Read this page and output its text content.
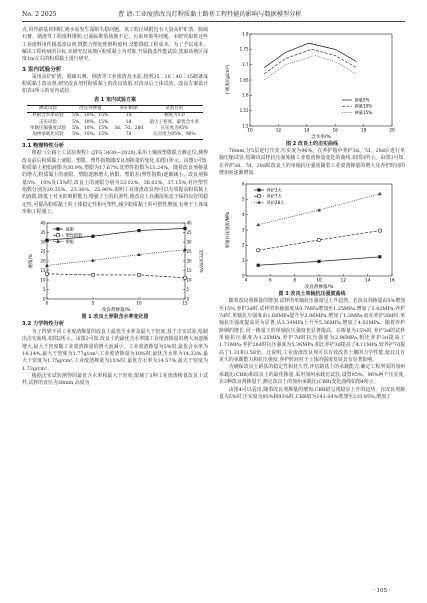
No. 2 2025	曹 请:工业废渣改良灯粉质黏土路基工程性能的影响与数据模型分析

点,用作路基材料时,遇水易发生湿陷失稳问题。该工程区域附近有大量高炉矿渣、脱硫石膏、钢渣等工程废料堆积,已面临堆放场地不足、污染环境等问题。本研究拟将这些工业废料用作路基改良剂,既能合理处理堆积废料,又能降低工程成本。为了予以成本、解决工程疾病的目标,本研究以该地区粉质黏土为对象,开展路基性能试验,选取该地区深度1m左右的粉质黏土进行研究。

3 室内试验分析

采用高炉矿渣、脱硫石膏、钢渣等工业废渣及水泥,按照35∶10∶40∶15制备成粉质黏土改良剂,研究改良剂对粉质黏土的改良效果,对改良后土体试验。改良方案设计如表1所示的室内试验。

表 1 室内试验方案
测试试验	改良剂掺量	养护龄期	试验目的
界限含水率试验	5%、10%、15%	1d	稠度为1.0
击实试验	5%、10%、15%	1d	最大干密度、最优含水率
单轴压缩强度试验	5%、10%、15%	3d、7d、28d	压实度为95%
加州承载比试验	5%、10%、15%	7d	压实度为95%、96%
3.1 物理特性分析

根据《公路土工试验规程》(JTG 3430—2020),采用土壤液塑限联合测定仪,测得改良前后粉质黏土液限、塑限、塑性指数随改良剂掺量的变化,如图1所示。由图1可知,粉质黏土初始液限为30.9%,塑限为17.67%,其塑性指数为13.24%。随着改良剂掺量的增大,粉质黏土的液限、塑限逐渐增大,液限、塑限差(塑性指数)逐渐减小。改良剂掺量5%、10%及15%时,改良土的液限分别为33.02%、36.02%、37.15%,对应塑性指数分别为20.35%、23.36%、25.96%,说明工业废渣改良剂可以有效提高粉质黏土的液限,降低土对水的吸附能力,增强了土的抗渗性,使改良土在潮湿状态下保持良好的稳定性,可提高粉质黏土的土体稳定性和可塑性,减少粉质黏土的可塑性增强,有利于土体成形和工程施工。

0	5	10	15
0	0
5	5
10	10
15	15
20	20
25	25
30	30
35	35
40	40
改良剂掺量/%
液限/%	塑性指数/%
液限
塑性指数
塑限
图 1 改良土界限含水率变化图
3.2 力学特性分析

为了得到不同工业废渣掺量的改良土最优含水率及最大干密度,基于击实试验,绘制出击实曲线,如图2所示。由图2可知,改良土的最优含水率随工业废渣掺量的增大而逐渐增大,最大干密度随工业废渣掺量的增大而减小。工业废渣掺量为5%时,最优含水率为14.14%,最大干密度为1.77g/cm³;工业废渣掺量为10%时,最优含水率为14.33%,最大干密度为1.75g/cm³;工业废渣掺量为15%时,最优含水率为14.57%,最大干密度为1.73g/cm³。

根据击实试验测得的最优含水率和最大干密度,配制了3种工业废渣掺量改良土试样,试样的直径为38mm,高度为

10	12	14	16	18	20
1.5
1.55
1.6
1.65
1.7
1.75
1.8
含水率/%
干密度/(g/cm³)
掺量5%
掺量10%
掺量15%
图 2 改良土的击实曲线

76mm,分5层进行压实,压实度为96%。在养护箱中养护3d、7d、28d后进行单轴压缩试验,绘制出试样抗压强度随工业废渣掺量变化的曲线,如图3所示。由图3可知,在养护3d、7d、28d时改良土的单轴抗压强度随着工业废渣掺量的增大及养护时间的增加而逐渐增加。

4	6	8	10	12	14	16
0
1
2
3
4
5
6
改良剂掺量/%
单轴抗压强度/MPa
养护3天
养护7天
养护28天
图 3 改良土单轴抗压强度曲线

随着改良剂掺量的增加,试样的单轴抗压强度呈上升趋势。若改良剂掺量由5%增加至15%,养护3d时,试样的单轴强度从0.7MPa增加至1.25MPa,增加了1.42MPa;养护7d时,单轴抗压强度由1.68MPa提升至2.96MPa,增加了1.3MPa;而在养护28d时,单轴抗压强度提高更为显著,从3.34MPa上升至5.36MPa,增加了4.02MPa。随着养护龄期的增长,同一掺量下的单轴抗压强度也显著提高。在掺量为15%时,养护3d的试样单轴抗压强度为1.25MPa,养护7d时抗压强度为2.96MPa,相比养护3d提高了1.71MPa;养护28d时抗压强度为5.36MPa,相比养护3d提高了4.11MPa,较养护7d提高了1.31和3.58倍。这说明,工业废渣改良剂可以有效改善土壤的力学性能,使其具有更大的承载能力和抗压强度,养护时间对于土体的强度发展具有显著影响。

为确保改良土路基的稳定性和持久性,评估路基土的承载能力,确定工程所需的加州承载比(CBR)和改良土的最优掺量,采用加州承载比试验,设置95%、96%两个压实度,在3种改良剂掺量下,测定改良土的加州承载比(CBR)变化曲线如图4所示。

由图4可以看出,随着改良剂掺量的增加,CBR值呈现稳步上升的趋势。在改良剂掺量为5%时,压实度为95%和93%时,CBR值为141.04%增加至235.95%,增加了

· 105 ·
